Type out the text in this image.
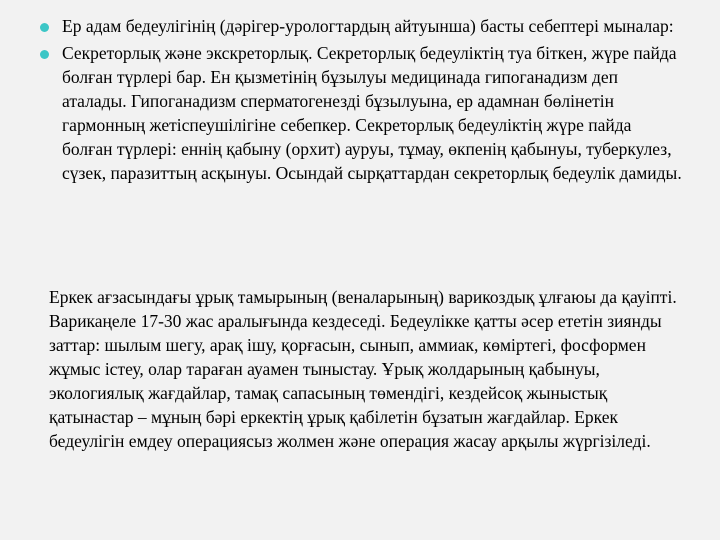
Ер адам бедеулігінің (дәрігер-урологтардың айтуынша) басты себептері мыналар:
Секреторлық және экскреторлық. Секреторлық бедеуліктің туа біткен, жүре пайда болған түрлері бар. Ен қызметінің бұзылуы медицинада гипоганадизм деп аталады. Гипоганадизм сперматогенезді бұзылуына, ер адамнан бөлінетін гармонның жетіспеушілігіне себепкер. Секреторлық бедеуліктің жүре пайда болған түрлері: еннің қабыну (орхит) ауруы, тұмау, өкпенің қабынуы, туберкулез, сүзек, паразиттың асқынуы. Осындай сырқаттардан секреторлық бедеулік дамиды.

Еркек ағзасындағы ұрық тамырының (веналарының) варикоздық ұлғаюы да қауіпті. Варикаңеле 17-30 жас аралығында кездеседі. Бедеулікке қатты әсер ететін зиянды заттар: шылым шегу, арақ ішу, қорғасын, сынып, аммиак, көміртегі, фосформен жұмыс істеу, олар тараған ауамен тыныстау. Ұрық жолдарының қабынуы, экологиялық жағдайлар, тамақ сапасының төмендігі, кездейсоқ жыныстық қатынастар – мұның бәрі еркектің ұрық қабілетін бұзатын жағдайлар. Еркек бедеулігін емдеу операциясыз жолмен және операция жасау арқылы жүргізіледі.
